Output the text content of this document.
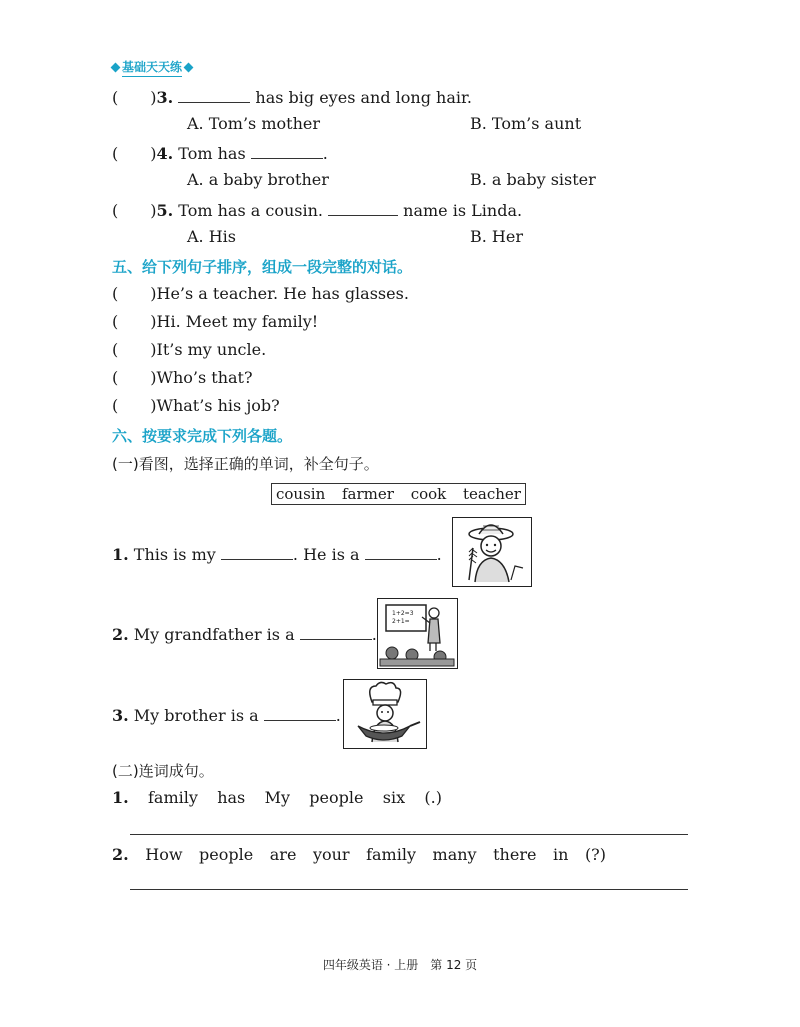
基础天天练
(　　)3.	has big eyes and long hair.
A. Tom’s mother	B. Tom’s aunt
(　　)4. Tom has	.
A. a baby brother	B. a baby sister
(　　)5. Tom has a cousin.	name is Linda.
A. His	B. Her
五、给下列句子排序，组成一段完整的对话。
(　　)He’s a teacher. He has glasses.
(　　)Hi. Meet my family!
(　　)It’s my uncle.
(　　)Who’s that?
(　　)What’s his job?
六、按要求完成下列各题。
(一)看图，选择正确的单词，补全句子。
cousin farmer cook teacher
1. This is my	. He is a	.
2. My grandfather is a	.
1+2=3
2+1=
3. My brother is a	.
(二)连词成句。
1. family has My people six (.)
2. How people are your family many there in (?)
四年级英语 · 上册　第 12 页
